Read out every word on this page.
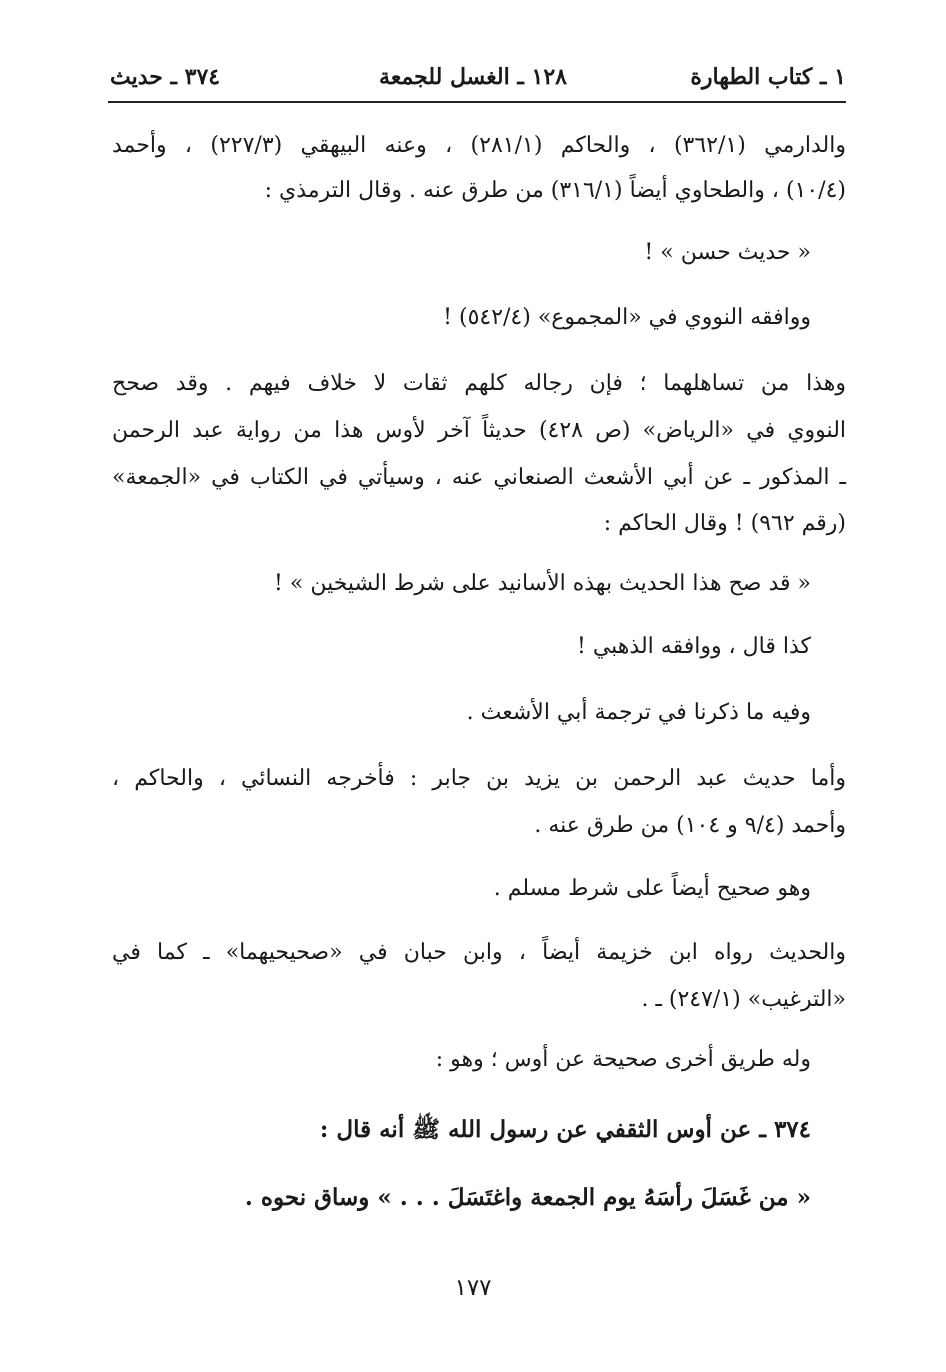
١ ـ كتاب الطهارة
١٢٨ ـ الغسل للجمعة
٣٧٤ ـ حديث
والدارمي (٣٦٢/١) ، والحاكم (٢٨١/١) ، وعنه البيهقي (٢٢٧/٣) ، وأحمد
(١٠/٤) ، والطحاوي أيضاً (٣١٦/١) من طرق عنه . وقال الترمذي :
« حديث حسن » !
ووافقه النووي في «المجموع» (٥٤٢/٤) !
وهذا من تساهلهما ؛ فإن رجاله كلهم ثقات لا خلاف فيهم . وقد صحح
النووي في «الرياض» (ص ٤٢٨) حديثاً آخر لأوس هذا من رواية عبد الرحمن
ـ المذكور ـ عن أبي الأشعث الصنعاني عنه ، وسيأتي في الكتاب في «الجمعة»
(رقم ٩٦٢) ! وقال الحاكم :
« قد صح هذا الحديث بهذه الأسانيد على شرط الشيخين » !
كذا قال ، ووافقه الذهبي !
وفيه ما ذكرنا في ترجمة أبي الأشعث .
وأما حديث عبد الرحمن بن يزيد بن جابر : فأخرجه النسائي ، والحاكم ،
وأحمد (٩/٤ و ١٠٤) من طرق عنه .
وهو صحيح أيضاً على شرط مسلم .
والحديث رواه ابن خزيمة أيضاً ، وابن حبان في «صحيحيهما» ـ كما في
«الترغيب» (٢٤٧/١) ـ .
وله طريق أخرى صحيحة عن أوس ؛ وهو :
٣٧٤ ـ عن أوس الثقفي عن رسول الله ﷺ أنه قال :
« من غَسَلَ رأسَهُ يوم الجمعة واغتَسَلَ . . . » وساق نحوه .
١٧٧
